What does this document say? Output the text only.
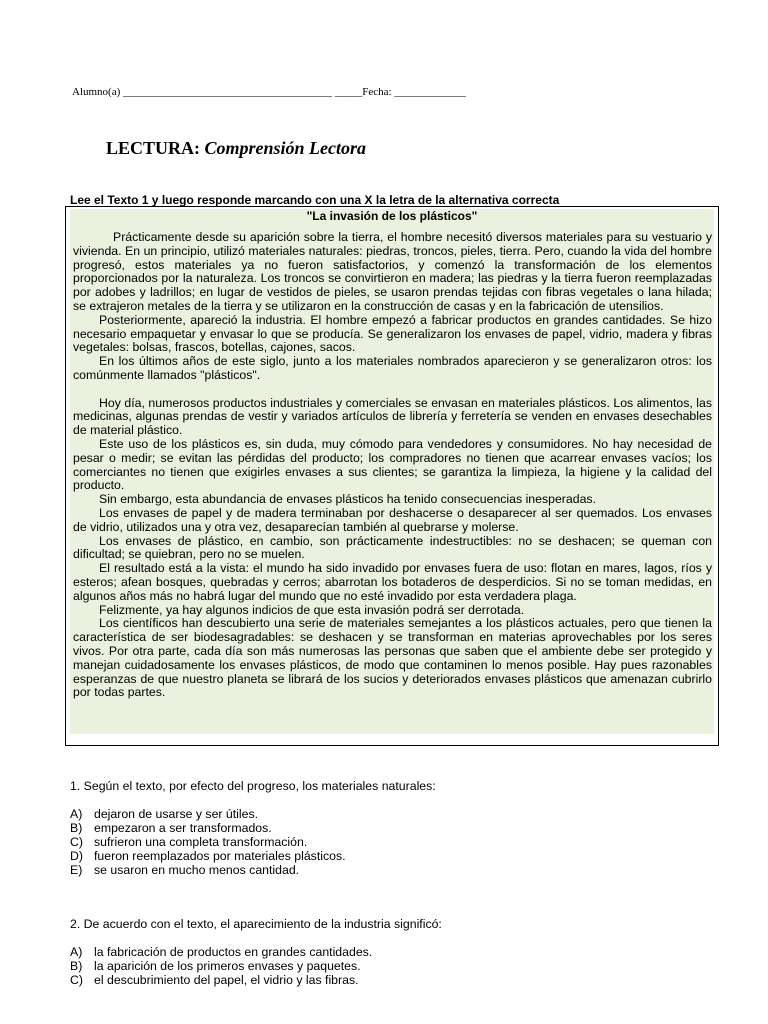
Alumno(a) ______________________________________ _____Fecha: _____________
LECTURA: Comprensión Lectora
Lee el Texto 1 y luego responde marcando con una X la letra de la alternativa correcta

"La invasión de los plásticos"

Prácticamente desde su aparición sobre la tierra, el hombre necesitó diversos materiales para su vestuario y vivienda. En un principio, utilizó materiales naturales: piedras, troncos, pieles, tierra. Pero, cuando la vida del hombre progresó, estos materiales ya no fueron satisfactorios, y comenzó la transformación de los elementos proporcionados por la naturaleza. Los troncos se convirtieron en madera; las piedras y la tierra fueron reemplazadas por adobes y ladrillos; en lugar de vestidos de pieles, se usaron prendas tejidas con fibras vegetales o lana hilada; se extrajeron metales de la tierra y se utilizaron en la construcción de casas y en la fabricación de utensilios.

Posteriormente, apareció la industria. El hombre empezó a fabricar productos en grandes cantidades. Se hizo necesario empaquetar y envasar lo que se producía. Se generalizaron los envases de papel, vidrio, madera y fibras vegetales: bolsas, frascos, botellas, cajones, sacos.

En los últimos años de este siglo, junto a los materiales nombrados aparecieron y se generalizaron otros: los comúnmente llamados "plásticos".

Hoy día, numerosos productos industriales y comerciales se envasan en materiales plásticos. Los alimentos, las medicinas, algunas prendas de vestir y variados artículos de librería y ferretería se venden en envases desechables de material plástico.

Este uso de los plásticos es, sin duda, muy cómodo para vendedores y consumidores. No hay necesidad de pesar o medir; se evitan las pérdidas del producto; los compradores no tienen que acarrear envases vacíos; los comerciantes no tienen que exigirles envases a sus clientes; se garantiza la limpieza, la higiene y la calidad del producto.

Sin embargo, esta abundancia de envases plásticos ha tenido consecuencias inesperadas.

Los envases de papel y de madera terminaban por deshacerse o desaparecer al ser quemados. Los envases de vidrio, utilizados una y otra vez, desaparecían también al quebrarse y molerse.

Los envases de plástico, en cambio, son prácticamente indestructibles: no se deshacen; se queman con dificultad; se quiebran, pero no se muelen.

El resultado está a la vista: el mundo ha sido invadido por envases fuera de uso: flotan en mares, lagos, ríos y esteros; afean bosques, quebradas y cerros; abarrotan los botaderos de desperdicios. Si no se toman medidas, en algunos años más no habrá lugar del mundo que no esté invadido por esta verdadera plaga.

Felizmente, ya hay algunos indicios de que esta invasión podrá ser derrotada.

Los científicos han descubierto una serie de materiales semejantes a los plásticos actuales, pero que tienen la característica de ser biodesagradables: se deshacen y se transforman en materias aprovechables por los seres vivos. Por otra parte, cada día son más numerosas las personas que saben que el ambiente debe ser protegido y manejan cuidadosamente los envases plásticos, de modo que contaminen lo menos posible. Hay pues razonables esperanzas de que nuestro planeta se librará de los sucios y deteriorados envases plásticos que amenazan cubrirlo por todas partes.

1. Según el texto, por efecto del progreso, los materiales naturales:
A) dejaron de usarse y ser útiles.
B) empezaron a ser transformados.
C) sufrieron una completa transformación.
D) fueron reemplazados por materiales plásticos.
E) se usaron en mucho menos cantidad.
2. De acuerdo con el texto, el aparecimiento de la industria significó:
A) la fabricación de productos en grandes cantidades.
B) la aparición de los primeros envases y paquetes.
C) el descubrimiento del papel, el vidrio y las fibras.
